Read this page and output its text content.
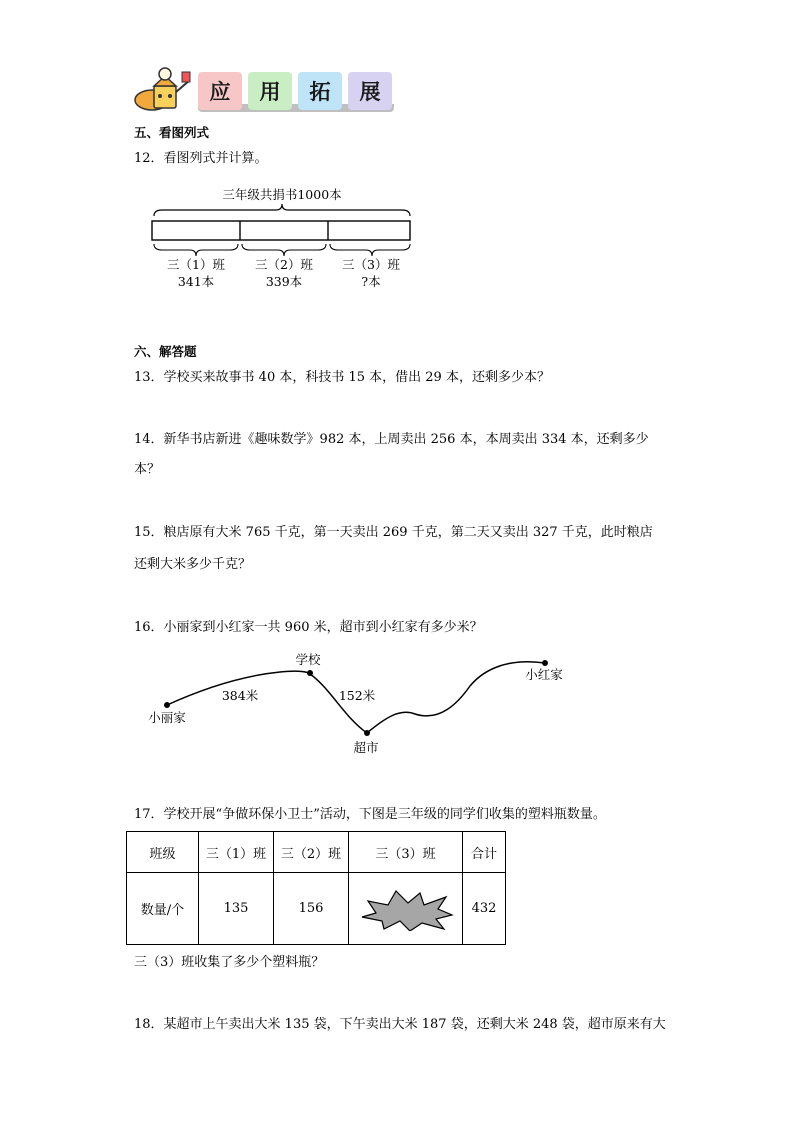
应	用	拓	展
五、看图列式
12．看图列式并计算。
三年级共捐书1000本
三（1）班
341本
三（2）班
339本
三（3）班
?本
六、解答题
13．学校买来故事书 40 本，科技书 15 本，借出 29 本，还剩多少本？
14．新华书店新进《趣味数学》982 本，上周卖出 256 本，本周卖出 334 本，还剩多少
本？
15．粮店原有大米 765 千克，第一天卖出 269 千克，第二天又卖出 327 千克，此时粮店
还剩大米多少千克？
16．小丽家到小红家一共 960 米，超市到小红家有多少米？
学校
384米	152米
小丽家
超市
小红家
17．学校开展“争做环保小卫士”活动，下图是三年级的同学们收集的塑料瓶数量。
班级	三（1）班	三（2）班	三（3）班	合计
数量/个	135	156		432
三（3）班收集了多少个塑料瓶？
18．某超市上午卖出大米 135 袋，下午卖出大米 187 袋，还剩大米 248 袋，超市原来有大
